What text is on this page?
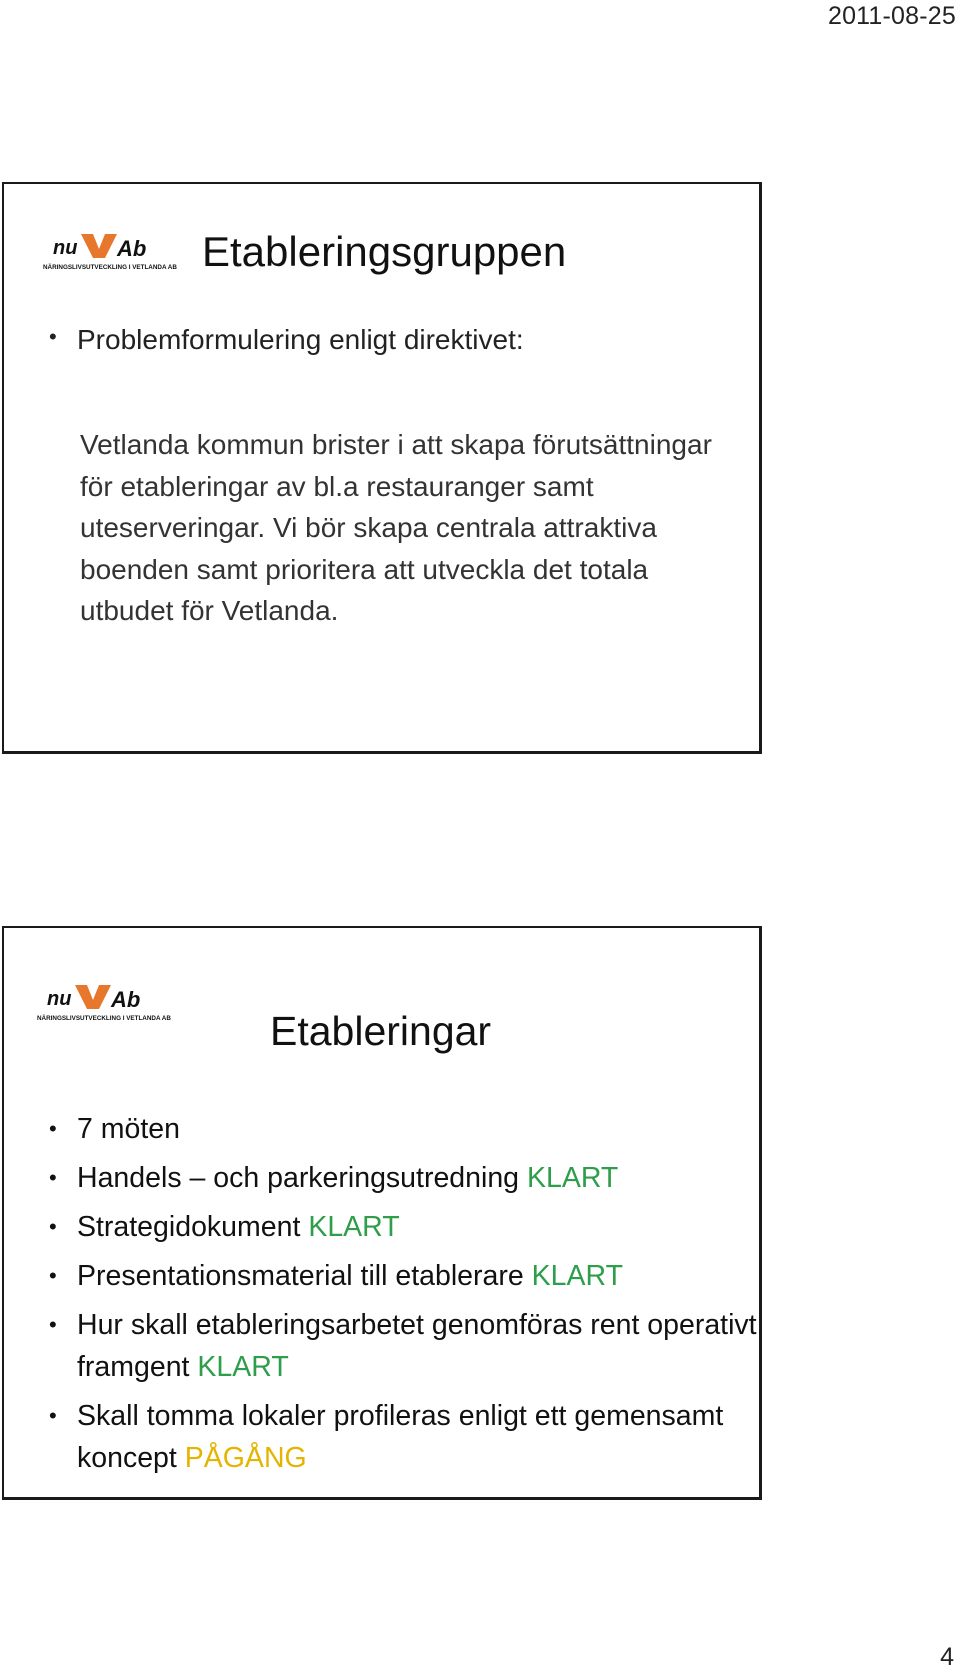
2011-08-25
nu Ab
NÄRINGSLIVSUTVECKLING I VETLANDA AB Etableringsgruppen
• Problemformulering enligt direktivet:

Vetlanda kommun brister i att skapa förutsättningar för etableringar av bl.a restauranger samt uteserveringar. Vi bör skapa centrala attraktiva boenden samt prioritera att utveckla det totala utbudet för Vetlanda.

nu Ab
NÄRINGSLIVSUTVECKLING I VETLANDA AB Etableringar
• 7 möten
• Handels – och parkeringsutredning KLART
• Strategidokument KLART
• Presentationsmaterial till etablerare KLART
• Hur skall etableringsarbetet genomföras rent operativt framgent KLART
• Skall tomma lokaler profileras enligt ett gemensamt koncept PÅGÅNG
4
